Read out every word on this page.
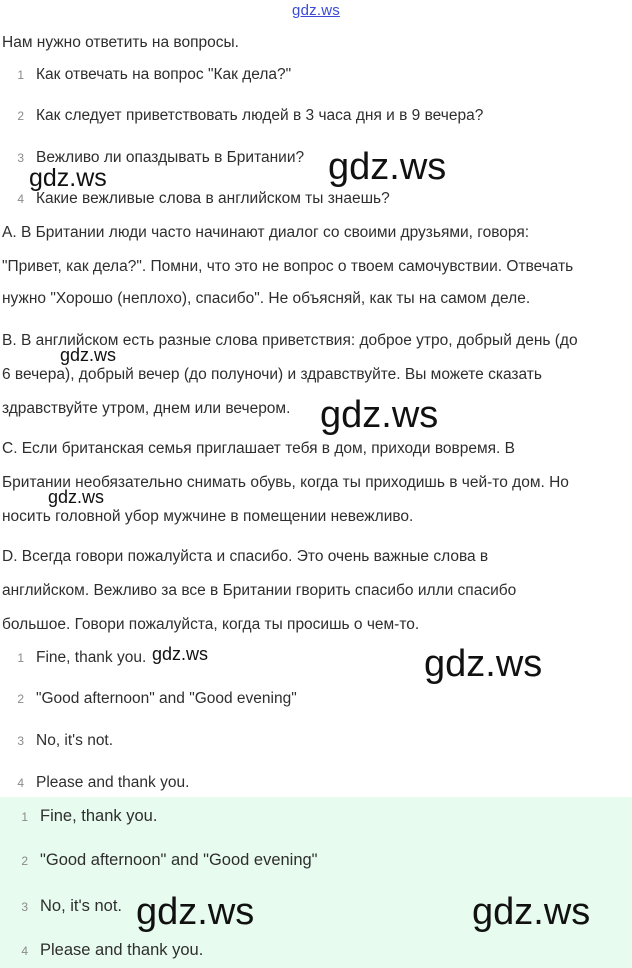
gdz.ws
Нам нужно ответить на вопросы.
1 Как отвечать на вопрос "Как дела?"
2 Как следует приветствовать людей в 3 часа дня и в 9 вечера?
3 Вежливо ли опаздывать в Британии?
4 Какие вежливые слова в английском ты знаешь?
А. В Британии люди часто начинают диалог со своими друзьями, говоря:
"Привет, как дела?". Помни, что это не вопрос о твоем самочувствии. Отвечать
нужно "Хорошо (неплохо), спасибо". Не объясняй, как ты на самом деле.
В. В английском есть разные слова приветствия: доброе утро, добрый день (до
6 вечера), добрый вечер (до полуночи) и здравствуйте. Вы можете сказать
здравствуйте утром, днем или вечером.
С. Если британская семья приглашает тебя в дом, приходи вовремя. В
Британии необязательно снимать обувь, когда ты приходишь в чей-то дом. Но
носить головной убор мужчине в помещении невежливо.
D. Всегда говори пожалуйста и спасибо. Это очень важные слова в
английском. Вежливо за все в Британии гворить спасибо илли спасибо
большое. Говори пожалуйста, когда ты просишь о чем-то.
1 Fine, thank you.
2 "Good afternoon" and "Good evening"
3 No, it's not.
4 Please and thank you.
1 Fine, thank you.
2 "Good afternoon" and "Good evening"
3 No, it's not.
4 Please and thank you.
gdz.ws
gdz.ws
gdz.ws
gdz.ws
gdz.ws
gdz.ws	gdz.ws
gdz.ws	gdz.ws
